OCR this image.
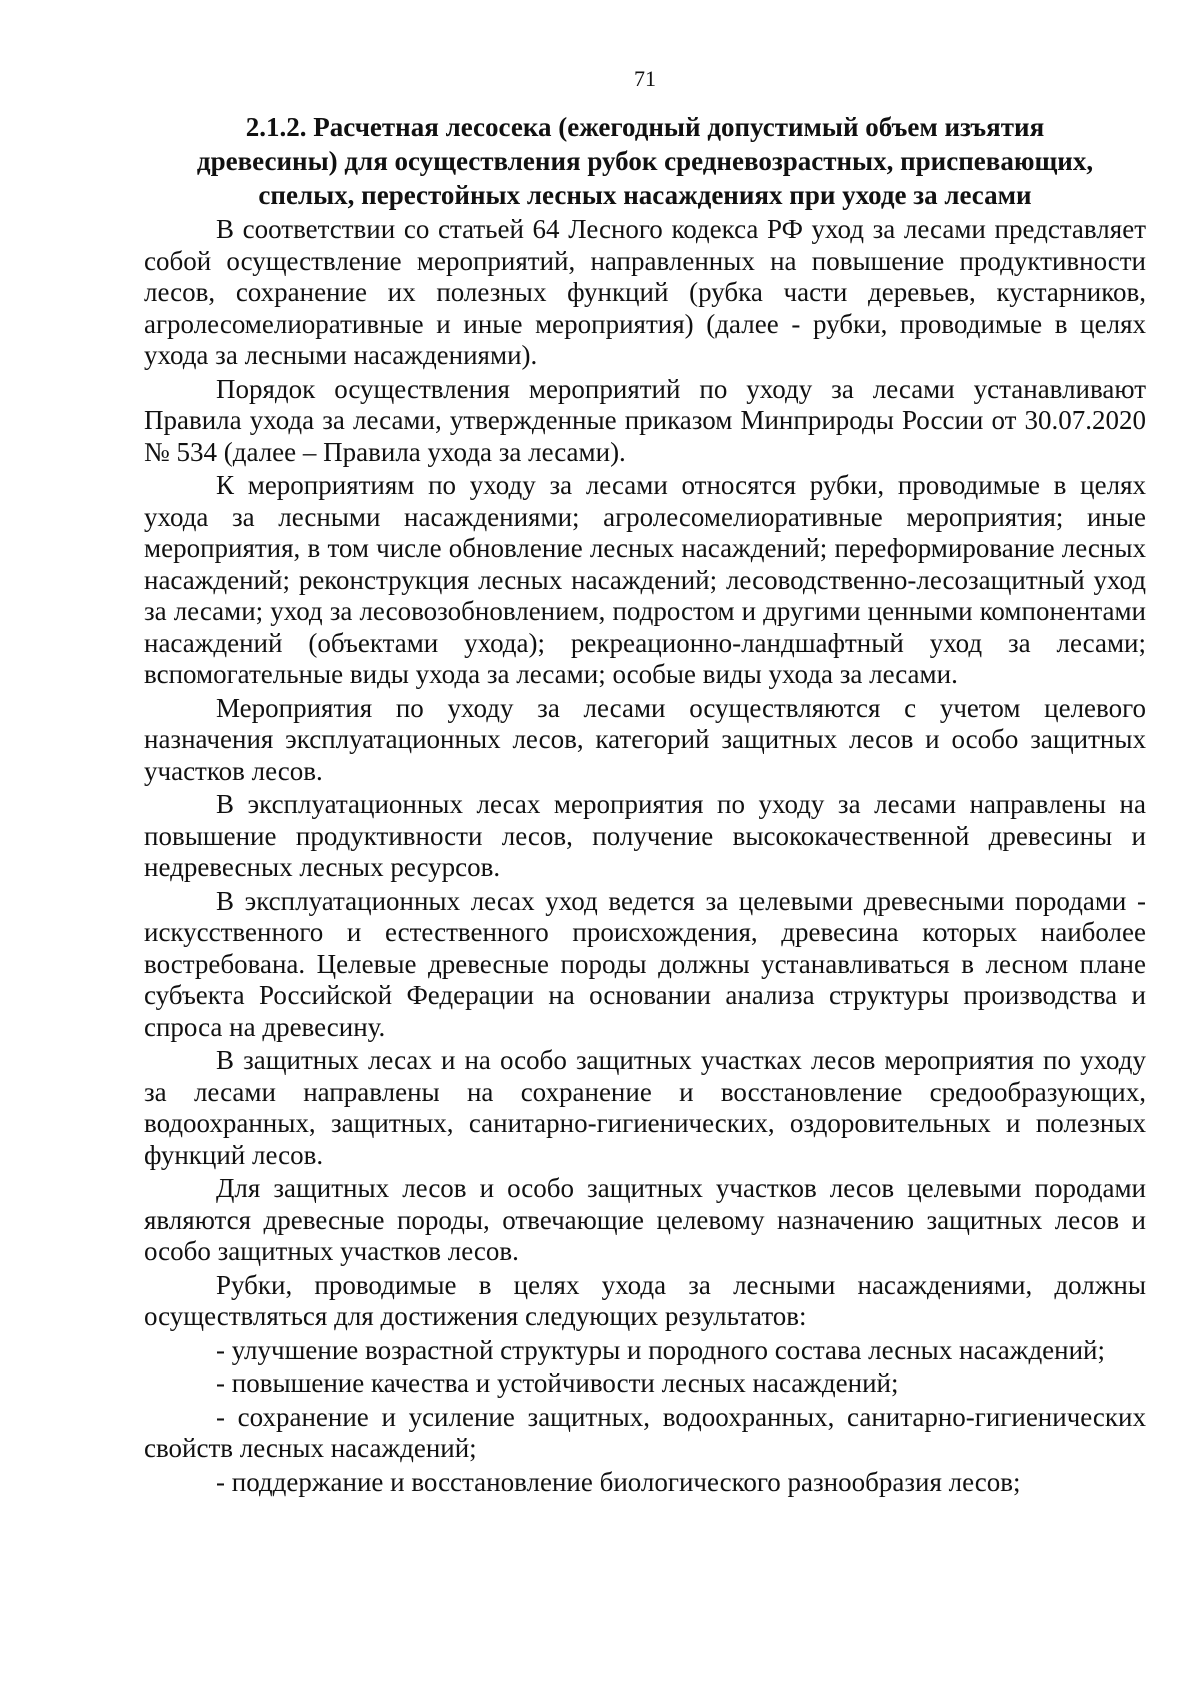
71
2.1.2. Расчетная лесосека (ежегодный допустимый объем изъятия
древесины) для осуществления рубок средневозрастных, приспевающих,
спелых, перестойных лесных насаждениях при уходе за лесами

В соответствии со статьей 64 Лесного кодекса РФ уход за лесами представляет собой осуществление мероприятий, направленных на повышение продуктивности лесов, сохранение их полезных функций (рубка части деревьев, кустарников, агролесомелиоративные и иные мероприятия) (далее - рубки, проводимые в целях ухода за лесными насаждениями).

Порядок осуществления мероприятий по уходу за лесами устанавливают Правила ухода за лесами, утвержденные приказом Минприроды России от 30.07.2020 № 534 (далее – Правила ухода за лесами).

К мероприятиям по уходу за лесами относятся рубки, проводимые в целях ухода за лесными насаждениями; агролесомелиоративные мероприятия; иные мероприятия, в том числе обновление лесных насаждений; переформирование лесных насаждений; реконструкция лесных насаждений; лесоводственно-лесозащитный уход за лесами; уход за лесовозобновлением, подростом и другими ценными компонентами насаждений (объектами ухода); рекреационно-ландшафтный уход за лесами; вспомогательные виды ухода за лесами; особые виды ухода за лесами.

Мероприятия по уходу за лесами осуществляются с учетом целевого назначения эксплуатационных лесов, категорий защитных лесов и особо защитных участков лесов.

В эксплуатационных лесах мероприятия по уходу за лесами направлены на повышение продуктивности лесов, получение высококачественной древесины и недревесных лесных ресурсов.

В эксплуатационных лесах уход ведется за целевыми древесными породами - искусственного и естественного происхождения, древесина которых наиболее востребована. Целевые древесные породы должны устанавливаться в лесном плане субъекта Российской Федерации на основании анализа структуры производства и спроса на древесину.

В защитных лесах и на особо защитных участках лесов мероприятия по уходу за лесами направлены на сохранение и восстановление средообразующих, водоохранных, защитных, санитарно-гигиенических, оздоровительных и полезных функций лесов.

Для защитных лесов и особо защитных участков лесов целевыми породами являются древесные породы, отвечающие целевому назначению защитных лесов и особо защитных участков лесов.

Рубки, проводимые в целях ухода за лесными насаждениями, должны осуществляться для достижения следующих результатов:

- улучшение возрастной структуры и породного состава лесных насаждений;

- повышение качества и устойчивости лесных насаждений;

- сохранение и усиление защитных, водоохранных, санитарно-гигиенических свойств лесных насаждений;

- поддержание и восстановление биологического разнообразия лесов;
